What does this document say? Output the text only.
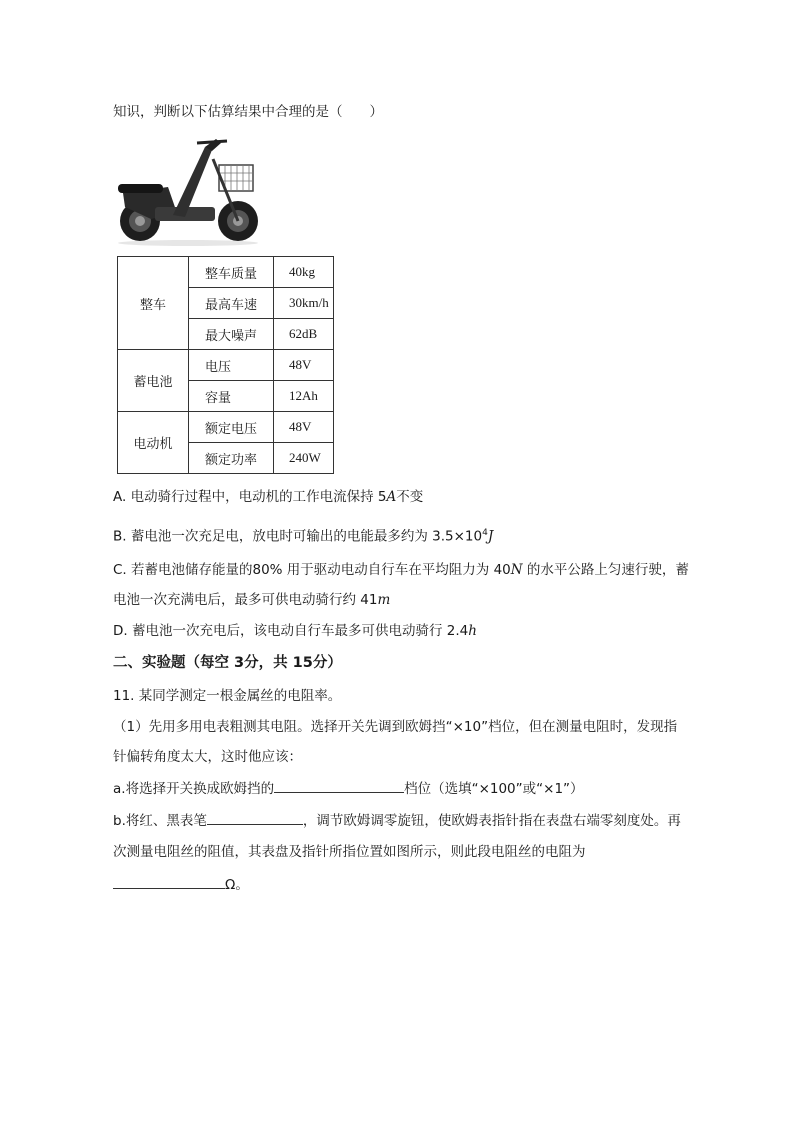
知识，判断以下估算结果中合理的是（　　）
整车	整车质量	40kg
	最高车速	30km/h
	最大噪声	62dB
蓄电池	电压	48V
	容量	12Ah
电动机	额定电压	48V
	额定功率	240W
A. 电动骑行过程中，电动机的工作电流保持 5A不变
B. 蓄电池一次充足电，放电时可输出的电能最多约为 $3.5\times 10^4J$
C. 若蓄电池储存能量的80% 用于驱动电动自行车在平均阻力为 40N 的水平公路上匀速行驶，蓄
电池一次充满电后，最多可供电动骑行约 41m
D. 蓄电池一次充电后，该电动自行车最多可供电动骑行 2.4h
二、实验题（每空 3分，共 15分）
11. 某同学测定一根金属丝的电阻率。
（1）先用多用电表粗测其电阻。选择开关先调到欧姆挡“×10”档位，但在测量电阻时，发现指
针偏转角度太大，这时他应该：
a.将选择开关换成欧姆挡的	档位（选填“×100”或“×1”）
b.将红、黑表笔	，调节欧姆调零旋钮，使欧姆表指针指在表盘右端零刻度处。再
次测量电阻丝的阻值，其表盘及指针所指位置如图所示，则此段电阻丝的电阻为
Ω。
